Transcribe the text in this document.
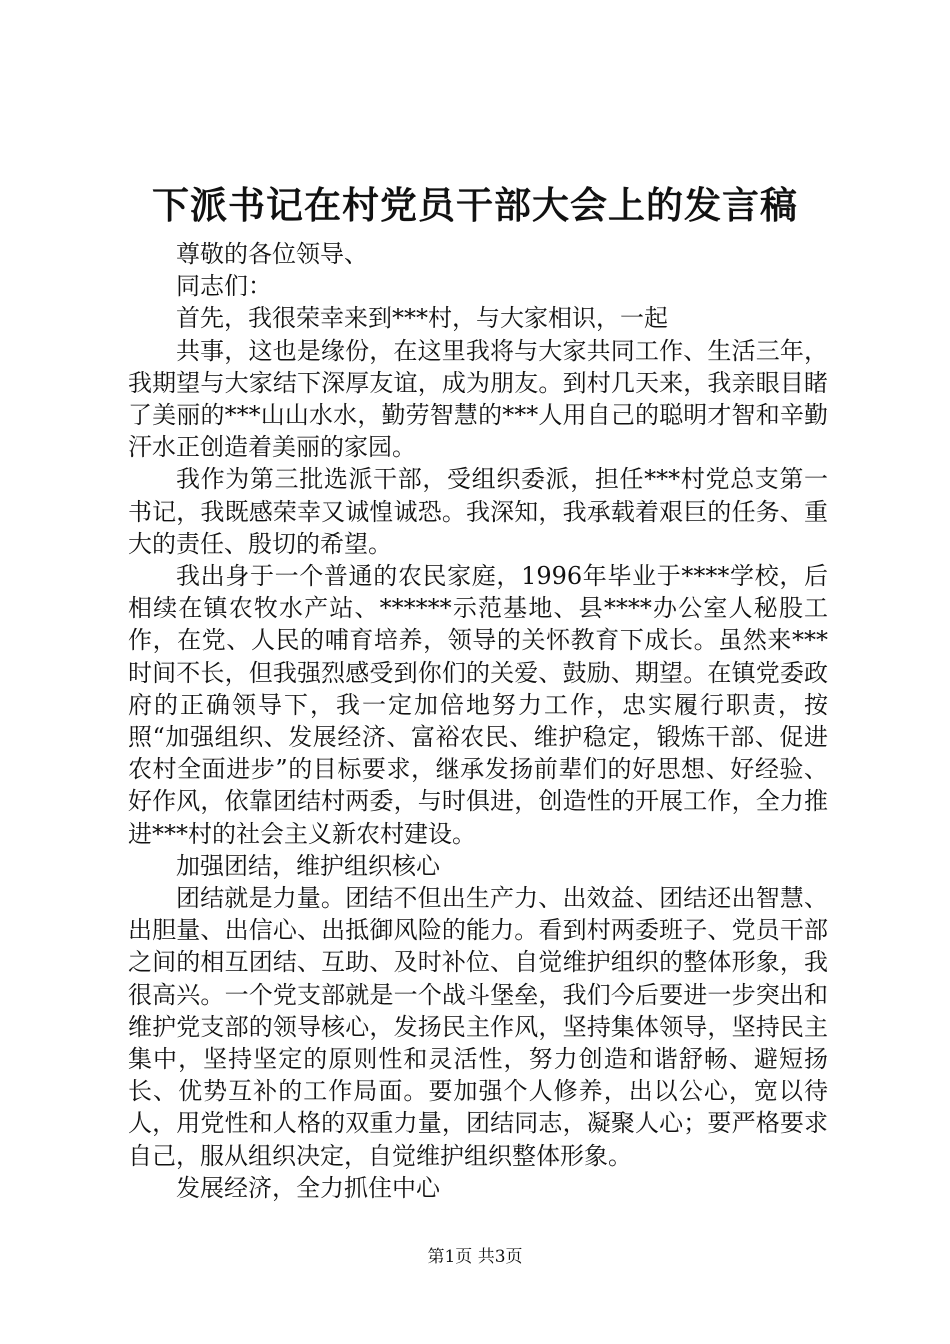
下派书记在村党员干部大会上的发言稿

尊敬的各位领导、

同志们：

首先，我很荣幸来到***村，与大家相识，一起

共事，这也是缘份，在这里我将与大家共同工作、生活三年，我期望与大家结下深厚友谊，成为朋友。到村几天来，我亲眼目睹了美丽的***山山水水，勤劳智慧的***人用自己的聪明才智和辛勤汗水正创造着美丽的家园。

我作为第三批选派干部，受组织委派，担任***村党总支第一书记，我既感荣幸又诚惶诚恐。我深知，我承载着艰巨的任务、重大的责任、殷切的希望。

我出身于一个普通的农民家庭，1996年毕业于****学校，后相续在镇农牧水产站、******示范基地、县****办公室人秘股工作，在党、人民的哺育培养，领导的关怀教育下成长。虽然来***时间不长，但我强烈感受到你们的关爱、鼓励、期望。在镇党委政府的正确领导下，我一定加倍地努力工作，忠实履行职责，按照“加强组织、发展经济、富裕农民、维护稳定，锻炼干部、促进农村全面进步”的目标要求，继承发扬前辈们的好思想、好经验、好作风，依靠团结村两委，与时俱进，创造性的开展工作，全力推进***村的社会主义新农村建设。

加强团结，维护组织核心

团结就是力量。团结不但出生产力、出效益、团结还出智慧、出胆量、出信心、出抵御风险的能力。看到村两委班子、党员干部之间的相互团结、互助、及时补位、自觉维护组织的整体形象，我很高兴。一个党支部就是一个战斗堡垒，我们今后要进一步突出和维护党支部的领导核心，发扬民主作风，坚持集体领导，坚持民主集中，坚持坚定的原则性和灵活性，努力创造和谐舒畅、避短扬长、优势互补的工作局面。要加强个人修养，出以公心，宽以待人，用党性和人格的双重力量，团结同志，凝聚人心；要严格要求自己，服从组织决定，自觉维护组织整体形象。

发展经济，全力抓住中心

第1页 共3页
